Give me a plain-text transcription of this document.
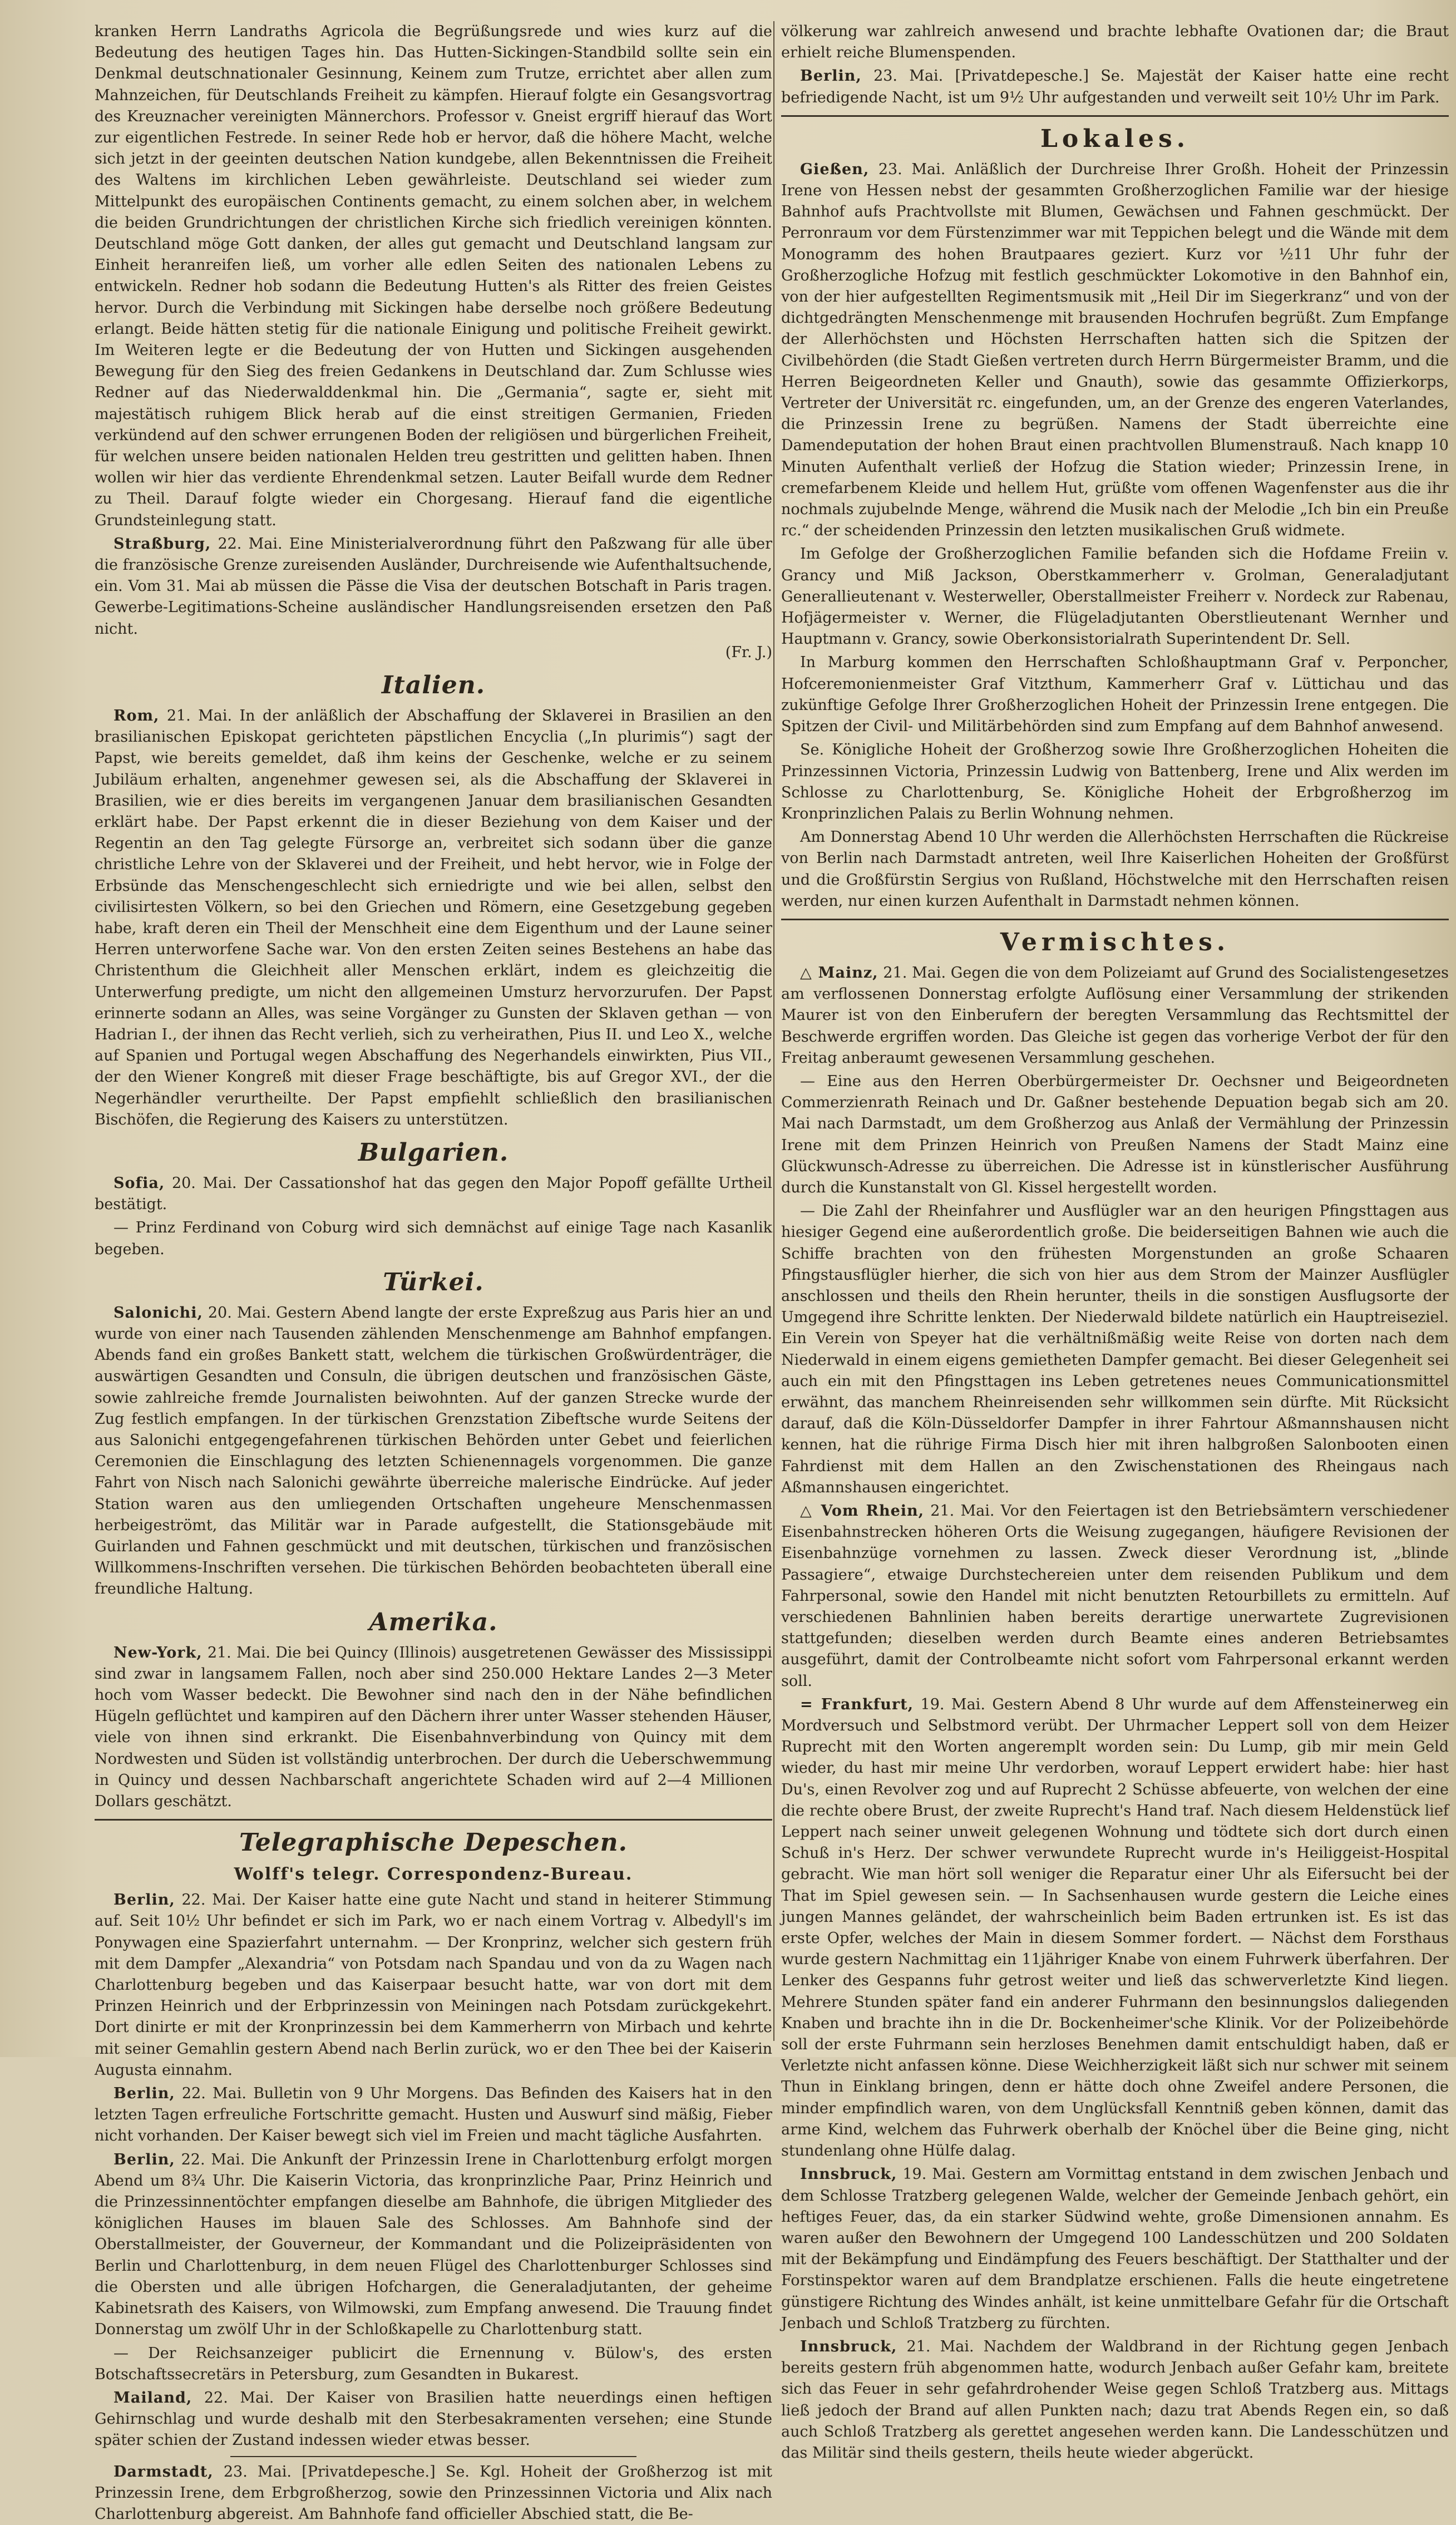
kranken Herrn Landraths Agricola die Begrüßungsrede und wies kurz auf die Bedeutung des heutigen Tages hin. Das Hutten-Sickingen-Standbild sollte sein ein Denkmal deutschnationaler Gesinnung, Keinem zum Trutze, errichtet aber allen zum Mahnzeichen, für Deutschlands Freiheit zu kämpfen. Hierauf folgte ein Gesangsvortrag des Kreuznacher vereinigten Männerchors. Professor v. Gneist ergriff hierauf das Wort zur eigentlichen Festrede. In seiner Rede hob er hervor, daß die höhere Macht, welche sich jetzt in der geeinten deutschen Nation kundgebe, allen Bekenntnissen die Freiheit des Waltens im kirchlichen Leben gewährleiste. Deutschland sei wieder zum Mittelpunkt des europäischen Continents gemacht, zu einem solchen aber, in welchem die beiden Grundrichtungen der christlichen Kirche sich friedlich vereinigen könnten. Deutschland möge Gott danken, der alles gut gemacht und Deutschland langsam zur Einheit heranreifen ließ, um vorher alle edlen Seiten des nationalen Lebens zu entwickeln. Redner hob sodann die Bedeutung Hutten's als Ritter des freien Geistes hervor. Durch die Verbindung mit Sickingen habe derselbe noch größere Bedeutung erlangt. Beide hätten stetig für die nationale Einigung und politische Freiheit gewirkt. Im Weiteren legte er die Bedeutung der von Hutten und Sickingen ausgehenden Bewegung für den Sieg des freien Gedankens in Deutschland dar. Zum Schlusse wies Redner auf das Niederwalddenkmal hin. Die „Germania“, sagte er, sieht mit majestätisch ruhigem Blick herab auf die einst streitigen Germanien, Frieden verkündend auf den schwer errungenen Boden der religiösen und bürgerlichen Freiheit, für welchen unsere beiden nationalen Helden treu gestritten und gelitten haben. Ihnen wollen wir hier das verdiente Ehrendenkmal setzen. Lauter Beifall wurde dem Redner zu Theil. Darauf folgte wieder ein Chorgesang. Hierauf fand die eigentliche Grundsteinlegung statt.

Straßburg, 22. Mai. Eine Ministerialverordnung führt den Paßzwang für alle über die französische Grenze zureisenden Ausländer, Durchreisende wie Aufenthaltsuchende, ein. Vom 31. Mai ab müssen die Pässe die Visa der deutschen Botschaft in Paris tragen. Gewerbe-Legitimations-Scheine ausländischer Handlungsreisenden ersetzen den Paß nicht.

(Fr. J.)
Italien.

Rom, 21. Mai. In der anläßlich der Abschaffung der Sklaverei in Brasilien an den brasilianischen Episkopat gerichteten päpstlichen Encyclia („In plurimis“) sagt der Papst, wie bereits gemeldet, daß ihm keins der Geschenke, welche er zu seinem Jubiläum erhalten, angenehmer gewesen sei, als die Abschaffung der Sklaverei in Brasilien, wie er dies bereits im vergangenen Januar dem brasilianischen Gesandten erklärt habe. Der Papst erkennt die in dieser Beziehung von dem Kaiser und der Regentin an den Tag gelegte Fürsorge an, verbreitet sich sodann über die ganze christliche Lehre von der Sklaverei und der Freiheit, und hebt hervor, wie in Folge der Erbsünde das Menschengeschlecht sich erniedrigte und wie bei allen, selbst den civilisirtesten Völkern, so bei den Griechen und Römern, eine Gesetzgebung gegeben habe, kraft deren ein Theil der Menschheit eine dem Eigenthum und der Laune seiner Herren unterworfene Sache war. Von den ersten Zeiten seines Bestehens an habe das Christenthum die Gleichheit aller Menschen erklärt, indem es gleichzeitig die Unterwerfung predigte, um nicht den allgemeinen Umsturz hervorzurufen. Der Papst erinnerte sodann an Alles, was seine Vorgänger zu Gunsten der Sklaven gethan — von Hadrian I., der ihnen das Recht verlieh, sich zu verheirathen, Pius II. und Leo X., welche auf Spanien und Portugal wegen Abschaffung des Negerhandels einwirkten, Pius VII., der den Wiener Kongreß mit dieser Frage beschäftigte, bis auf Gregor XVI., der die Negerhändler verurtheilte. Der Papst empfiehlt schließlich den brasilianischen Bischöfen, die Regierung des Kaisers zu unterstützen.

Bulgarien.

Sofia, 20. Mai. Der Cassationshof hat das gegen den Major Popoff gefällte Urtheil bestätigt.

— Prinz Ferdinand von Coburg wird sich demnächst auf einige Tage nach Kasanlik begeben.

Türkei.

Salonichi, 20. Mai. Gestern Abend langte der erste Expreßzug aus Paris hier an und wurde von einer nach Tausenden zählenden Menschenmenge am Bahnhof empfangen. Abends fand ein großes Bankett statt, welchem die türkischen Großwürdenträger, die auswärtigen Gesandten und Consuln, die übrigen deutschen und französischen Gäste, sowie zahlreiche fremde Journalisten beiwohnten. Auf der ganzen Strecke wurde der Zug festlich empfangen. In der türkischen Grenzstation Zibeftsche wurde Seitens der aus Salonichi entgegengefahrenen türkischen Behörden unter Gebet und feierlichen Ceremonien die Einschlagung des letzten Schienennagels vorgenommen. Die ganze Fahrt von Nisch nach Salonichi gewährte überreiche malerische Eindrücke. Auf jeder Station waren aus den umliegenden Ortschaften ungeheure Menschenmassen herbeigeströmt, das Militär war in Parade aufgestellt, die Stationsgebäude mit Guirlanden und Fahnen geschmückt und mit deutschen, türkischen und französischen Willkommens-Inschriften versehen. Die türkischen Behörden beobachteten überall eine freundliche Haltung.

Amerika.

New-York, 21. Mai. Die bei Quincy (Illinois) ausgetretenen Gewässer des Mississippi sind zwar in langsamem Fallen, noch aber sind 250.000 Hektare Landes 2—3 Meter hoch vom Wasser bedeckt. Die Bewohner sind nach den in der Nähe befindlichen Hügeln geflüchtet und kampiren auf den Dächern ihrer unter Wasser stehenden Häuser, viele von ihnen sind erkrankt. Die Eisenbahnverbindung von Quincy mit dem Nordwesten und Süden ist vollständig unterbrochen. Der durch die Ueberschwemmung in Quincy und dessen Nachbarschaft angerichtete Schaden wird auf 2—4 Millionen Dollars geschätzt.

Telegraphische Depeschen.
Wolff's telegr. Correspondenz-Bureau.

Berlin, 22. Mai. Der Kaiser hatte eine gute Nacht und stand in heiterer Stimmung auf. Seit 10½ Uhr befindet er sich im Park, wo er nach einem Vortrag v. Albedyll's im Ponywagen eine Spazierfahrt unternahm. — Der Kronprinz, welcher sich gestern früh mit dem Dampfer „Alexandria“ von Potsdam nach Spandau und von da zu Wagen nach Charlottenburg begeben und das Kaiserpaar besucht hatte, war von dort mit dem Prinzen Heinrich und der Erbprinzessin von Meiningen nach Potsdam zurückgekehrt. Dort dinirte er mit der Kronprinzessin bei dem Kammerherrn von Mirbach und kehrte mit seiner Gemahlin gestern Abend nach Berlin zurück, wo er den Thee bei der Kaiserin Augusta einnahm.

Berlin, 22. Mai. Bulletin von 9 Uhr Morgens. Das Befinden des Kaisers hat in den letzten Tagen erfreuliche Fortschritte gemacht. Husten und Auswurf sind mäßig, Fieber nicht vorhanden. Der Kaiser bewegt sich viel im Freien und macht tägliche Ausfahrten.

Berlin, 22. Mai. Die Ankunft der Prinzessin Irene in Charlottenburg erfolgt morgen Abend um 8¾ Uhr. Die Kaiserin Victoria, das kronprinzliche Paar, Prinz Heinrich und die Prinzessinnentöchter empfangen dieselbe am Bahnhofe, die übrigen Mitglieder des königlichen Hauses im blauen Sale des Schlosses. Am Bahnhofe sind der Oberstallmeister, der Gouverneur, der Kommandant und die Polizeipräsidenten von Berlin und Charlottenburg, in dem neuen Flügel des Charlottenburger Schlosses sind die Obersten und alle übrigen Hofchargen, die Generaladjutanten, der geheime Kabinetsrath des Kaisers, von Wilmowski, zum Empfang anwesend. Die Trauung findet Donnerstag um zwölf Uhr in der Schloßkapelle zu Charlottenburg statt.

— Der Reichsanzeiger publicirt die Ernennung v. Bülow's, des ersten Botschaftssecretärs in Petersburg, zum Gesandten in Bukarest.

Mailand, 22. Mai. Der Kaiser von Brasilien hatte neuerdings einen heftigen Gehirnschlag und wurde deshalb mit den Sterbesakramenten versehen; eine Stunde später schien der Zustand indessen wieder etwas besser.

Darmstadt, 23. Mai. [Privatdepesche.] Se. Kgl. Hoheit der Großherzog ist mit Prinzessin Irene, dem Erbgroßherzog, sowie den Prinzessinnen Victoria und Alix nach Charlottenburg abgereist. Am Bahnhofe fand officieller Abschied statt, die Be-

völkerung war zahlreich anwesend und brachte lebhafte Ovationen dar; die Braut erhielt reiche Blumenspenden.

Berlin, 23. Mai. [Privatdepesche.] Se. Majestät der Kaiser hatte eine recht befriedigende Nacht, ist um 9½ Uhr aufgestanden und verweilt seit 10½ Uhr im Park.

Lokales.

Gießen, 23. Mai. Anläßlich der Durchreise Ihrer Großh. Hoheit der Prinzessin Irene von Hessen nebst der gesammten Großherzoglichen Familie war der hiesige Bahnhof aufs Prachtvollste mit Blumen, Gewächsen und Fahnen geschmückt. Der Perronraum vor dem Fürstenzimmer war mit Teppichen belegt und die Wände mit dem Monogramm des hohen Brautpaares geziert. Kurz vor ½11 Uhr fuhr der Großherzogliche Hofzug mit festlich geschmückter Lokomotive in den Bahnhof ein, von der hier aufgestellten Regimentsmusik mit „Heil Dir im Siegerkranz“ und von der dichtgedrängten Menschenmenge mit brausenden Hochrufen begrüßt. Zum Empfange der Allerhöchsten und Höchsten Herrschaften hatten sich die Spitzen der Civilbehörden (die Stadt Gießen vertreten durch Herrn Bürgermeister Bramm, und die Herren Beigeordneten Keller und Gnauth), sowie das gesammte Offizierkorps, Vertreter der Universität rc. eingefunden, um, an der Grenze des engeren Vaterlandes, die Prinzessin Irene zu begrüßen. Namens der Stadt überreichte eine Damendeputation der hohen Braut einen prachtvollen Blumenstrauß. Nach knapp 10 Minuten Aufenthalt verließ der Hofzug die Station wieder; Prinzessin Irene, in cremefarbenem Kleide und hellem Hut, grüßte vom offenen Wagenfenster aus die ihr nochmals zujubelnde Menge, während die Musik nach der Melodie „Ich bin ein Preuße rc.“ der scheidenden Prinzessin den letzten musikalischen Gruß widmete.

Im Gefolge der Großherzoglichen Familie befanden sich die Hofdame Freiin v. Grancy und Miß Jackson, Oberstkammerherr v. Grolman, Generaladjutant Generallieutenant v. Westerweller, Oberstallmeister Freiherr v. Nordeck zur Rabenau, Hofjägermeister v. Werner, die Flügeladjutanten Oberstlieutenant Wernher und Hauptmann v. Grancy, sowie Oberkonsistorialrath Superintendent Dr. Sell.

In Marburg kommen den Herrschaften Schloßhauptmann Graf v. Perponcher, Hofceremonienmeister Graf Vitzthum, Kammerherr Graf v. Lüttichau und das zukünftige Gefolge Ihrer Großherzoglichen Hoheit der Prinzessin Irene entgegen. Die Spitzen der Civil- und Militärbehörden sind zum Empfang auf dem Bahnhof anwesend.

Se. Königliche Hoheit der Großherzog sowie Ihre Großherzoglichen Hoheiten die Prinzessinnen Victoria, Prinzessin Ludwig von Battenberg, Irene und Alix werden im Schlosse zu Charlottenburg, Se. Königliche Hoheit der Erbgroßherzog im Kronprinzlichen Palais zu Berlin Wohnung nehmen.

Am Donnerstag Abend 10 Uhr werden die Allerhöchsten Herrschaften die Rückreise von Berlin nach Darmstadt antreten, weil Ihre Kaiserlichen Hoheiten der Großfürst und die Großfürstin Sergius von Rußland, Höchstwelche mit den Herrschaften reisen werden, nur einen kurzen Aufenthalt in Darmstadt nehmen können.

Vermischtes.

△ Mainz, 21. Mai. Gegen die von dem Polizeiamt auf Grund des Socialistengesetzes am verflossenen Donnerstag erfolgte Auflösung einer Versammlung der strikenden Maurer ist von den Einberufern der beregten Versammlung das Rechtsmittel der Beschwerde ergriffen worden. Das Gleiche ist gegen das vorherige Verbot der für den Freitag anberaumt gewesenen Versammlung geschehen.

— Eine aus den Herren Oberbürgermeister Dr. Oechsner und Beigeordneten Commerzienrath Reinach und Dr. Gaßner bestehende Depuation begab sich am 20. Mai nach Darmstadt, um dem Großherzog aus Anlaß der Vermählung der Prinzessin Irene mit dem Prinzen Heinrich von Preußen Namens der Stadt Mainz eine Glückwunsch-Adresse zu überreichen. Die Adresse ist in künstlerischer Ausführung durch die Kunstanstalt von Gl. Kissel hergestellt worden.

— Die Zahl der Rheinfahrer und Ausflügler war an den heurigen Pfingsttagen aus hiesiger Gegend eine außerordentlich große. Die beiderseitigen Bahnen wie auch die Schiffe brachten von den frühesten Morgenstunden an große Schaaren Pfingstausflügler hierher, die sich von hier aus dem Strom der Mainzer Ausflügler anschlossen und theils den Rhein herunter, theils in die sonstigen Ausflugsorte der Umgegend ihre Schritte lenkten. Der Niederwald bildete natürlich ein Hauptreiseziel. Ein Verein von Speyer hat die verhältnißmäßig weite Reise von dorten nach dem Niederwald in einem eigens gemietheten Dampfer gemacht. Bei dieser Gelegenheit sei auch ein mit den Pfingsttagen ins Leben getretenes neues Communicationsmittel erwähnt, das manchem Rheinreisenden sehr willkommen sein dürfte. Mit Rücksicht darauf, daß die Köln-Düsseldorfer Dampfer in ihrer Fahrtour Aßmannshausen nicht kennen, hat die rührige Firma Disch hier mit ihren halbgroßen Salonbooten einen Fahrdienst mit dem Hallen an den Zwischenstationen des Rheingaus nach Aßmannshausen eingerichtet.

△ Vom Rhein, 21. Mai. Vor den Feiertagen ist den Betriebsämtern verschiedener Eisenbahnstrecken höheren Orts die Weisung zugegangen, häufigere Revisionen der Eisenbahnzüge vornehmen zu lassen. Zweck dieser Verordnung ist, „blinde Passagiere“, etwaige Durchstechereien unter dem reisenden Publikum und dem Fahrpersonal, sowie den Handel mit nicht benutzten Retourbillets zu ermitteln. Auf verschiedenen Bahnlinien haben bereits derartige unerwartete Zugrevisionen stattgefunden; dieselben werden durch Beamte eines anderen Betriebsamtes ausgeführt, damit der Controlbeamte nicht sofort vom Fahrpersonal erkannt werden soll.

= Frankfurt, 19. Mai. Gestern Abend 8 Uhr wurde auf dem Affensteinerweg ein Mordversuch und Selbstmord verübt. Der Uhrmacher Leppert soll von dem Heizer Ruprecht mit den Worten angeremplt worden sein: Du Lump, gib mir mein Geld wieder, du hast mir meine Uhr verdorben, worauf Leppert erwidert habe: hier hast Du's, einen Revolver zog und auf Ruprecht 2 Schüsse abfeuerte, von welchen der eine die rechte obere Brust, der zweite Ruprecht's Hand traf. Nach diesem Heldenstück lief Leppert nach seiner unweit gelegenen Wohnung und tödtete sich dort durch einen Schuß in's Herz. Der schwer verwundete Ruprecht wurde in's Heiliggeist-Hospital gebracht. Wie man hört soll weniger die Reparatur einer Uhr als Eifersucht bei der That im Spiel gewesen sein. — In Sachsenhausen wurde gestern die Leiche eines jungen Mannes geländet, der wahrscheinlich beim Baden ertrunken ist. Es ist das erste Opfer, welches der Main in diesem Sommer fordert. — Nächst dem Forsthaus wurde gestern Nachmittag ein 11jähriger Knabe von einem Fuhrwerk überfahren. Der Lenker des Gespanns fuhr getrost weiter und ließ das schwerverletzte Kind liegen. Mehrere Stunden später fand ein anderer Fuhrmann den besinnungslos daliegenden Knaben und brachte ihn in die Dr. Bockenheimer'sche Klinik. Vor der Polizeibehörde soll der erste Fuhrmann sein herzloses Benehmen damit entschuldigt haben, daß er Verletzte nicht anfassen könne. Diese Weichherzigkeit läßt sich nur schwer mit seinem Thun in Einklang bringen, denn er hätte doch ohne Zweifel andere Personen, die minder empfindlich waren, von dem Unglücksfall Kenntniß geben können, damit das arme Kind, welchem das Fuhrwerk oberhalb der Knöchel über die Beine ging, nicht stundenlang ohne Hülfe dalag.

Innsbruck, 19. Mai. Gestern am Vormittag entstand in dem zwischen Jenbach und dem Schlosse Tratzberg gelegenen Walde, welcher der Gemeinde Jenbach gehört, ein heftiges Feuer, das, da ein starker Südwind wehte, große Dimensionen annahm. Es waren außer den Bewohnern der Umgegend 100 Landesschützen und 200 Soldaten mit der Bekämpfung und Eindämpfung des Feuers beschäftigt. Der Statthalter und der Forstinspektor waren auf dem Brandplatze erschienen. Falls die heute eingetretene günstigere Richtung des Windes anhält, ist keine unmittelbare Gefahr für die Ortschaft Jenbach und Schloß Tratzberg zu fürchten.

Innsbruck, 21. Mai. Nachdem der Waldbrand in der Richtung gegen Jenbach bereits gestern früh abgenommen hatte, wodurch Jenbach außer Gefahr kam, breitete sich das Feuer in sehr gefahrdrohender Weise gegen Schloß Tratzberg aus. Mittags ließ jedoch der Brand auf allen Punkten nach; dazu trat Abends Regen ein, so daß auch Schloß Tratzberg als gerettet angesehen werden kann. Die Landesschützen und das Militär sind theils gestern, theils heute wieder abgerückt.
